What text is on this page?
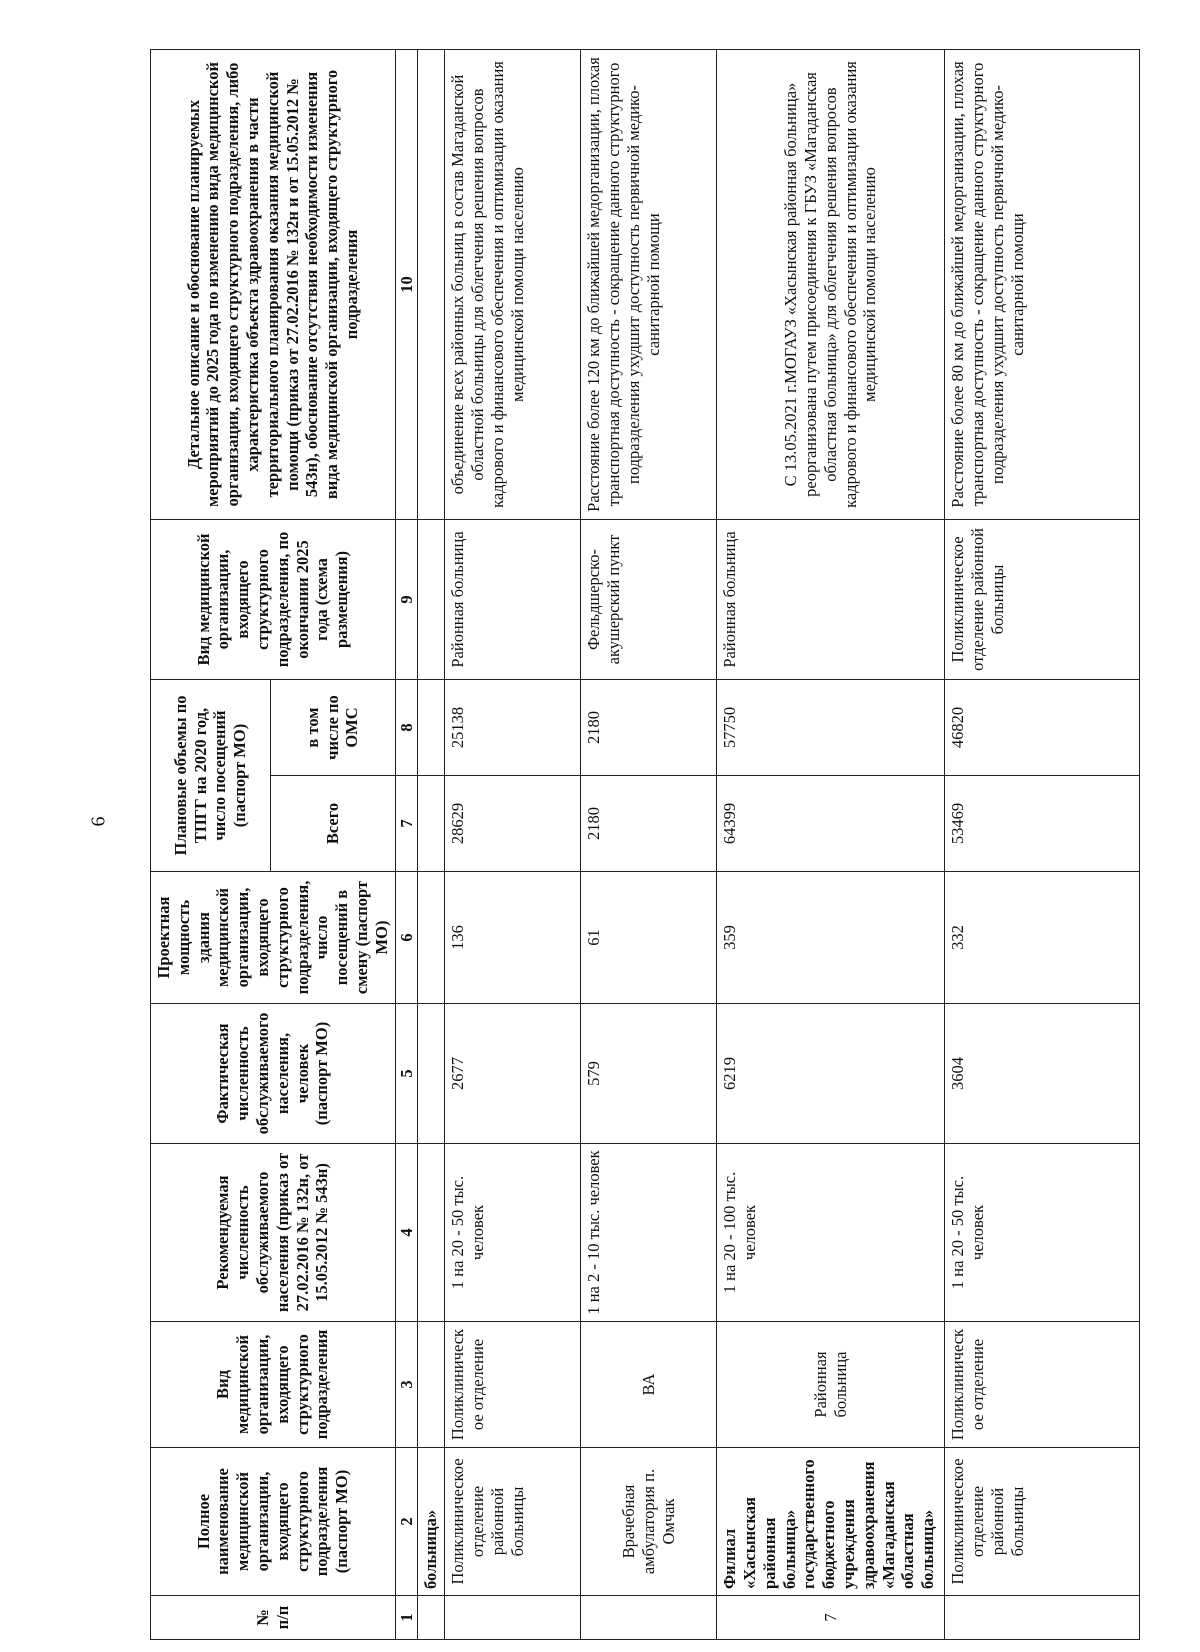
6
№ п/п	Полное наименование медицинской организации, входящего структурного подразделения (паспорт МО)	Вид медицинской организации, входящего структурного подразделения	Рекомендуемая численность обслуживаемого населения (приказ от 27.02.2016 № 132н, от 15.05.2012 № 543н)	Фактическая численность обслуживаемого населения, человек (паспорт МО)	Проектная мощность здания медицинской организации, входящего структурного подразделения, число посещений в смену (паспорт МО)	Плановые объемы по ТПГГ на 2020 год, число посещений (паспорт МО)		Вид медицинской организации, входящего структурного подразделения, по окончании 2025 года (схема размещения)	Детальное описание и обоснование планируемых мероприятий до 2025 года по изменению вида медицинской организации, входящего структурного подразделения, либо характеристика объекта здравоохранения в части территориального планирования оказания медицинской помощи (приказ от 27.02.2016 № 132н и от 15.05.2012 № 543н), обоснование отсутствия необходимости изменения вида медицинской организации, входящего структурного подразделения
						Всего	в том числе по ОМС		
1	2	3	4	5	6	7	8	9	10
	больница»								
	Поликлиническое отделение районной больницы	Поликлиническ ое отделение	1 на 20 - 50 тыс. человек	2677	136	28629	25138	Районная больница	объединение всех районных больниц в состав Магаданской областной больницы для облегчения решения вопросов кадрового и финансового обеспечения и оптимизации оказания медицинской помощи населению
	Врачебная амбулатория п. Омчак	ВА	1 на 2 - 10 тыс. человек	579	61	2180	2180	Фельдшерско-акушерский пункт	Расстояние более 120 км до ближайшей медорганизации, плохая транспортная доступность - сокращение данного структурного подразделения ухудшит доступность первичной медико-санитарной помощи
7	Филиал «Хасынская районная больница» государственного бюджетного учреждения здравоохранения «Магаданская областная больница»	Районная больница	1 на 20 - 100 тыс. человек	6219	359	64399	57750	Районная больница	С 13.05.2021 г.МОГАУЗ «Хасынская районная больница» реорганизована путем присоединения к ГБУЗ «Магаданская областная больница» для облегчения решения вопросов кадрового и финансового обеспечения и оптимизации оказания медицинской помощи населению
	Поликлиническое отделение районной больницы	Поликлиническ ое отделение	1 на 20 - 50 тыс. человек	3604	332	53469	46820	Поликлиническое отделение районной больницы	Расстояние более 80 км до ближайшей медорганизации, плохая транспортная доступность - сокращение данного структурного подразделения ухудшит доступность первичной медико-санитарной помощи
